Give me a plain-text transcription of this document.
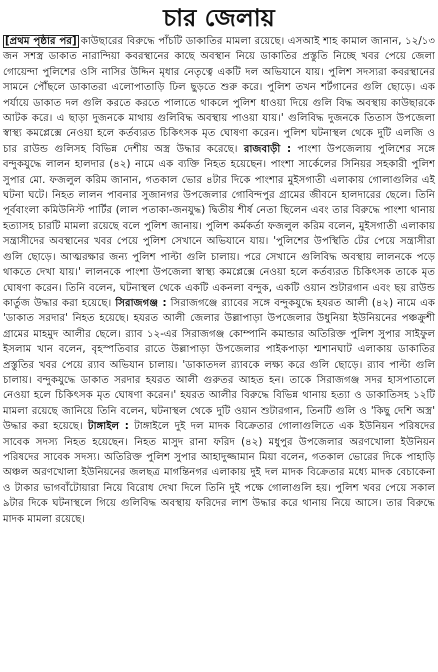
চার জেলায়

[প্রথম পৃষ্ঠার পর] কাউছারের বিরুদ্ধে পাঁচটি ডাকাতির মামলা রয়েছে। এসআই শাহ কামাল জানান, ১২/১৩ জন সশস্ত্র ডাকাত নারান্দিয়া কবরস্থানের কাছে অবস্থান নিয়ে ডাকাতির প্রস্তুতি নিচ্ছে খবর পেয়ে জেলা গোয়েন্দা পুলিশের ওসি নাসির উদ্দিন মৃধার নেতৃত্বে একটি দল অভিযানে যায়। পুলিশ সদস্যরা কবরস্থানের সামনে পৌঁছলে ডাকাতরা এলোপাতাড়ি ঢিল ছুড়তে শুরু করে। পুলিশ তখন শর্টগানের গুলি ছোড়ে। এক পর্যায়ে ডাকাত দল গুলি করতে করতে পালাতে থাকলে পুলিশ ধাওয়া দিয়ে গুলি বিদ্ধ অবস্থায় কাউছারকে আটক করে। এ ছাড়া দুজনকে মাথায় গুলিবিদ্ধ অবস্থায় পাওয়া যায়।' গুলিবিদ্ধ দুজনকে তিতাস উপজেলা স্বাস্থ্য কমপ্লেক্সে নেওয়া হলে কর্তব্যরত চিকিৎসক মৃত ঘোষণা করেন। পুলিশ ঘটনাস্থল থেকে দুটি এলজি ও চার রাউন্ড গুলিসহ বিভিন্ন দেশীয় অস্ত্র উদ্ধার করেছে। রাজবাড়ী : পাংশা উপজেলায় পুলিশের সঙ্গে বন্দুকযুদ্ধে লালন হালদার (৪২) নামে এক ব্যক্তি নিহত হয়েছেন। পাংশা সার্কেলের সিনিয়র সহকারী পুলিশ সুপার মো. ফজলুল করিম জানান, গতকাল ভোর ৪টার দিকে পাংশার মুইসগাতী এলাকায় গোলাগুলির এই ঘটনা ঘটে। নিহত লালন পাবনার সুজানগর উপজেলার গোবিন্দপুর গ্রামের জীবনে হালদারের ছেলে। তিনি পূর্ববাংলা কমিউনিস্ট পার্টির (লাল পতাকা-জনযুদ্ধ) দ্বিতীয় শীর্ষ নেতা ছিলেন এবং তার বিরুদ্ধে পাংশা থানায় হত্যাসহ চারটি মামলা রয়েছে বলে পুলিশ জানায়। পুলিশ কর্মকর্তা ফজলুল করিম বলেন, মুইসগাতী এলাকায় সন্ত্রাসীদের অবস্থানের খবর পেয়ে পুলিশ সেখানে অভিযানে যায়। 'পুলিশের উপস্থিতি টের পেয়ে সন্ত্রাসীরা গুলি ছোড়ে। আত্মরক্ষার জন্য পুলিশ পাল্টা গুলি চালায়। পরে সেখানে গুলিবিদ্ধ অবস্থায় লালনকে পড়ে থাকতে দেখা যায়।' লালনকে পাংশা উপজেলা স্বাস্থ্য কমপ্লেক্সে নেওয়া হলে কর্তব্যরত চিকিৎসক তাকে মৃত ঘোষণা করেন। তিনি বলেন, ঘটনাস্থল থেকে একটি একনলা বন্দুক, একটি ওয়ান শুটারগান এবং ছয় রাউন্ড কার্তুজ উদ্ধার করা হয়েছে। সিরাজগঞ্জ : সিরাজগঞ্জে র‌্যাবের সঙ্গে বন্দুকযুদ্ধে হযরত আলী (৪২) নামে এক 'ডাকাত সরদার' নিহত হয়েছে। হযরত আলী জেলার উল্লাপাড়া উপজেলার উধুনিয়া ইউনিয়নের পঞ্চক্রুশী গ্রামের মাহমুদ আলীর ছেলে। র‌্যাব ১২-এর সিরাজগঞ্জ কোম্পানি কমান্ডার অতিরিক্ত পুলিশ সুপার সাইফুল ইসলাম খান বলেন, বৃহস্পতিবার রাতে উল্লাপাড়া উপজেলার পাইকপাড়া শ্মশানঘাট এলাকায় ডাকাতির প্রস্তুতির খবর পেয়ে র‌্যাব অভিযান চালায়। 'ডাকাতদল র‌্যাবকে লক্ষ্য করে গুলি ছোড়ে। র‌্যাব পাল্টা গুলি চালায়। বন্দুকযুদ্ধে ডাকাত সরদার হযরত আলী গুরুতর আহত হন। তাকে সিরাজগঞ্জ সদর হাসপাতালে নেওয়া হলে চিকিৎসক মৃত ঘোষণা করেন।' হযরত আলীর বিরুদ্ধে বিভিন্ন থানায় হত্যা ও ডাকাতিসহ ১২টি মামলা রয়েছে জানিয়ে তিনি বলেন, ঘটনাস্থল থেকে দুটি ওয়ান শুটারগান, তিনটি গুলি ও 'কিছু দেশি অস্ত্র' উদ্ধার করা হয়েছে। টাঙ্গাইল : টাঙ্গাইলে দুই দল মাদক বিক্রেতার গোলাগুলিতে এক ইউনিয়ন পরিষদের সাবেক সদস্য নিহত হয়েছেন। নিহত মাসুদ রানা ফরিদ (৪২) মধুপুর উপজেলার অরণখোলা ইউনিয়ন পরিষদের সাবেক সদস্য। অতিরিক্ত পুলিশ সুপার আহাদুজ্জামান মিয়া বলেন, গতকাল ভোরের দিকে পাহাড়ি অঞ্চল অরণখোলা ইউনিয়নের জলছত্র মাগন্তিনগর এলাকায় দুই দল মাদক বিক্রেতার মধ্যে মাদক বেচাকেনা ও টাকার ভাগবাঁটোয়ারা নিয়ে বিরোধ দেখা দিলে তিনি দুই পক্ষে গোলাগুলি হয়। পুলিশ খবর পেয়ে সকাল ৯টার দিকে ঘটনাস্থলে গিয়ে গুলিবিদ্ধ অবস্থায় ফরিদের লাশ উদ্ধার করে থানায় নিয়ে আসে। তার বিরুদ্ধে মাদক মামলা রয়েছে।
